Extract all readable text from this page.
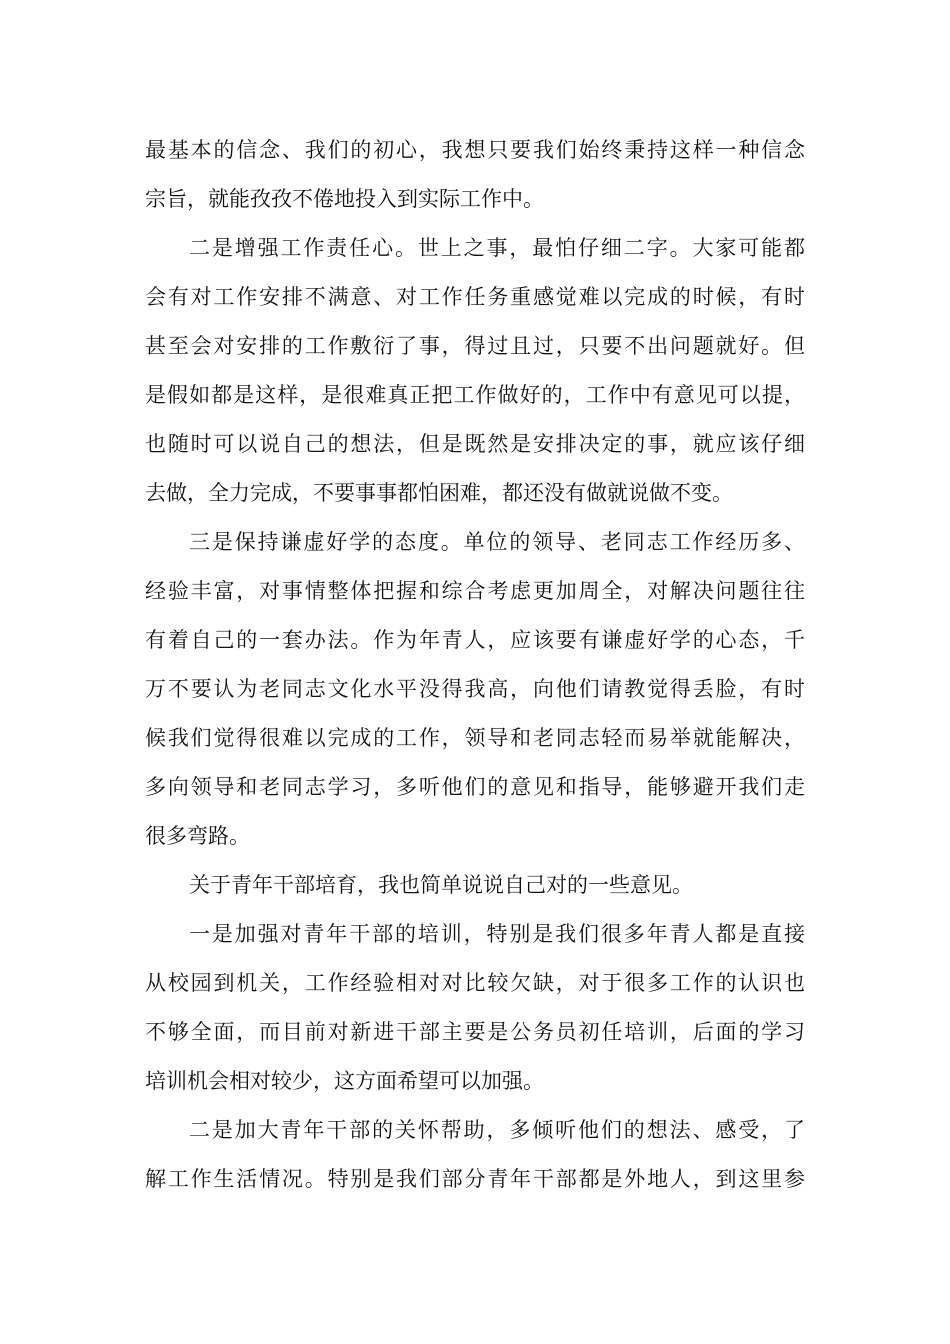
最基本的信念、我们的初心，我想只要我们始终秉持这样一种信念
宗旨，就能孜孜不倦地投入到实际工作中。
二是增强工作责任心。世上之事，最怕仔细二字。大家可能都
会有对工作安排不满意、对工作任务重感觉难以完成的时候，有时
甚至会对安排的工作敷衍了事，得过且过，只要不出问题就好。但
是假如都是这样，是很难真正把工作做好的，工作中有意见可以提，
也随时可以说自己的想法，但是既然是安排决定的事，就应该仔细
去做，全力完成，不要事事都怕困难，都还没有做就说做不变。
三是保持谦虚好学的态度。单位的领导、老同志工作经历多、
经验丰富，对事情整体把握和综合考虑更加周全，对解决问题往往
有着自己的一套办法。作为年青人，应该要有谦虚好学的心态，千
万不要认为老同志文化水平没得我高，向他们请教觉得丢脸，有时
候我们觉得很难以完成的工作，领导和老同志轻而易举就能解决，
多向领导和老同志学习，多听他们的意见和指导，能够避开我们走
很多弯路。
关于青年干部培育，我也简单说说自己对的一些意见。
一是加强对青年干部的培训，特别是我们很多年青人都是直接
从校园到机关，工作经验相对对比较欠缺，对于很多工作的认识也
不够全面，而目前对新进干部主要是公务员初任培训，后面的学习
培训机会相对较少，这方面希望可以加强。
二是加大青年干部的关怀帮助，多倾听他们的想法、感受，了
解工作生活情况。特别是我们部分青年干部都是外地人，到这里参
